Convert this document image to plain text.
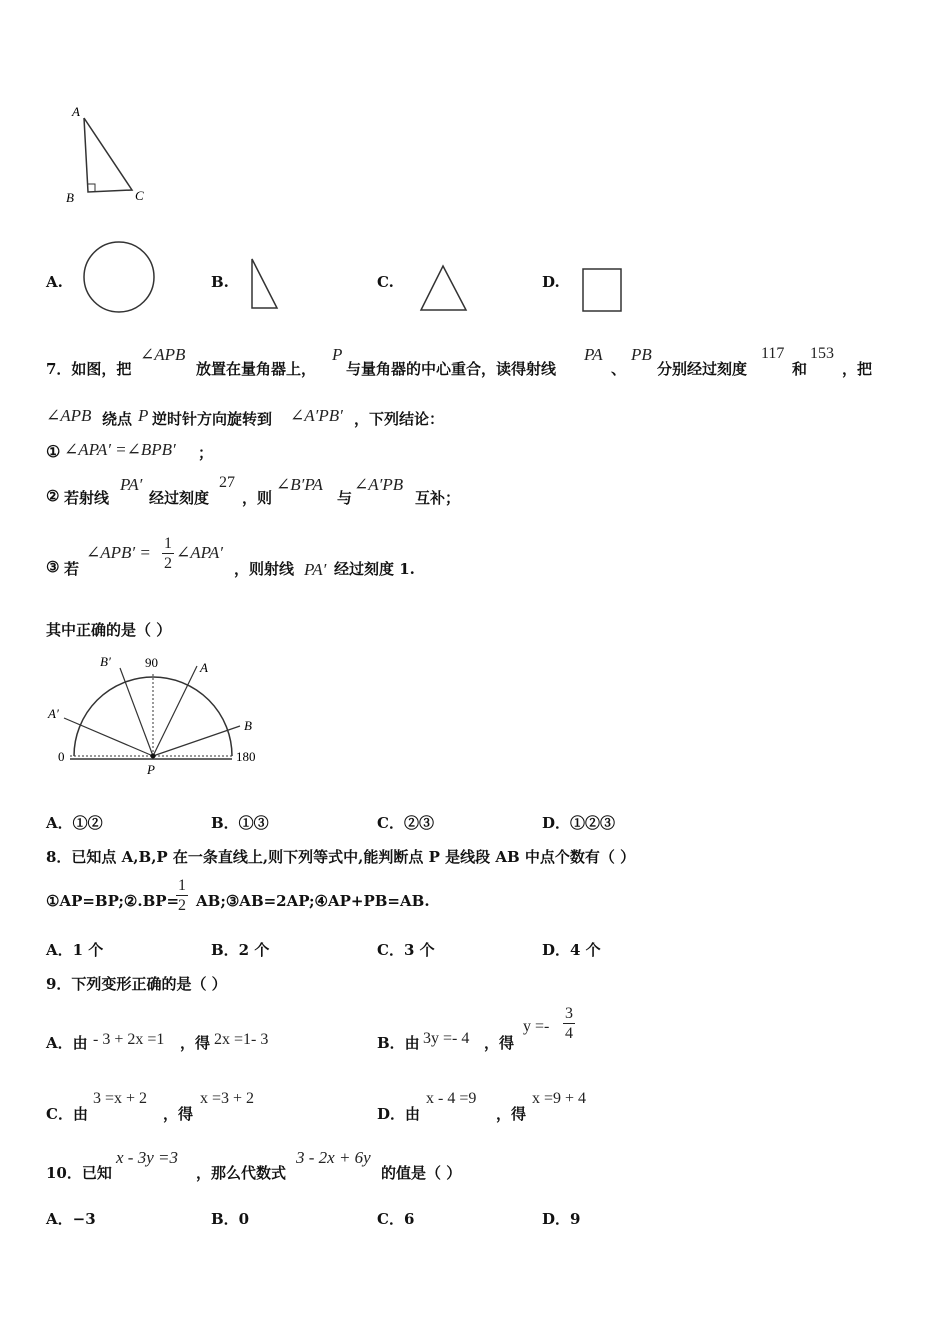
A
B	C
A.	B.	C.	D.
7．如图，把
∠APB
放置在量角器上，
P
与量角器的中心重合，读得射线
PA
、
PB
分别经过刻度
117
和
153
，把
∠APB 绕点 P 逆时针方向旋转到 ∠A′PB′ ，下列结论：
① ∠APA′ =∠BPB′ ；
② 若射线
PA′
经过刻度
27
，则
∠B′PA
与
∠A′PB
互补；
③ 若
∠APB′ = $\frac{1}{2}$ ∠APA′
，则射线 PA′ 经过刻度 1.
其中正确的是（ ）
90
0	180
B′
A′
A
B
P
A．①②	B．①③	C．②③	D．①②③
8．已知点 A,B,P 在一条直线上,则下列等式中,能判断点 P 是线段 AB 中点个数有（ ）
①AP=BP;②.BP=
$\frac{1}{2}$ AB;③AB=2AP;④AP+PB=AB.
A．1 个	B．2 个	C．3 个	D．4 个
9．下列变形正确的是（ ）
A．由 - 3 + 2x =1 ，得 2x =1- 3	B．由 3y =- 4 ，得
$y =- \frac{3}{4}$
C．由
3 =x + 2
，得
x =3 + 2
D．由
x - 4 =9
，得
x =9 + 4
10．已知
x - 3y =3
，那么代数式
3 - 2x + 6y
的值是（ ）
A．−3	B．0	C．6	D．9
